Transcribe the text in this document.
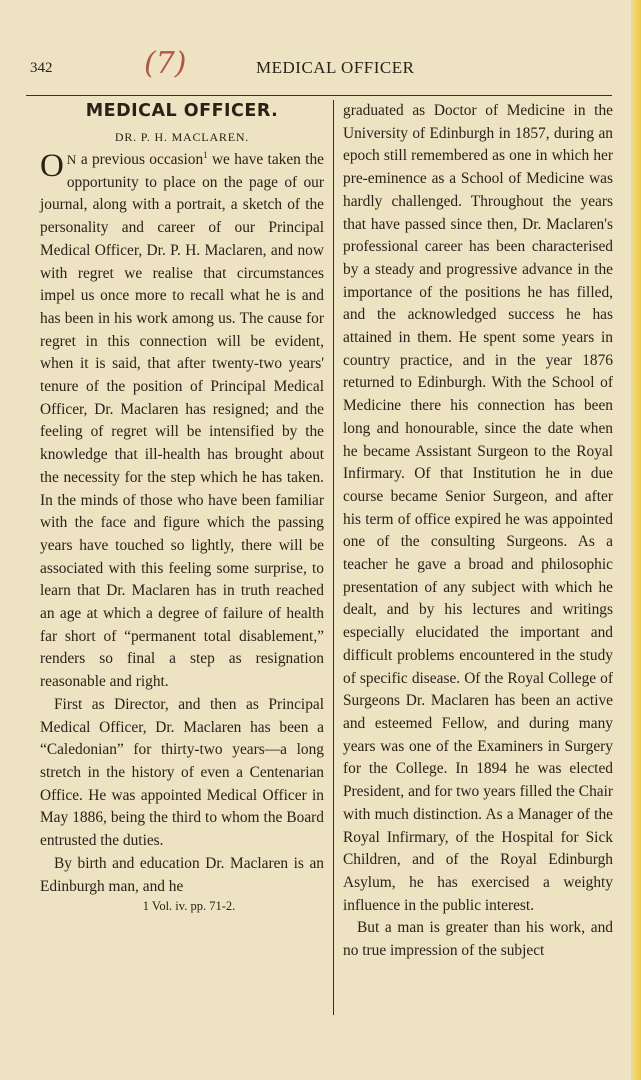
342	(7)	MEDICAL OFFICER
MEDICAL OFFICER.
DR. P. H. MACLAREN.

O N a previous occasion$^1$ we have taken the opportunity to place on the page of our journal, along with a portrait, a sketch of the personality and career of our Principal Medical Officer, Dr. P. H. Maclaren, and now with regret we realise that circumstances impel us once more to recall what he is and has been in his work among us. The cause for regret in this connection will be evident, when it is said, that after twenty-two years' tenure of the position of Principal Medical Officer, Dr. Maclaren has resigned; and the feeling of regret will be intensified by the knowledge that ill-health has brought about the necessity for the step which he has taken. In the minds of those who have been familiar with the face and figure which the passing years have touched so lightly, there will be associated with this feeling some surprise, to learn that Dr. Maclaren has in truth reached an age at which a degree of failure of health far short of “permanent total disablement,” renders so final a step as resignation reasonable and right.

First as Director, and then as Principal Medical Officer, Dr. Maclaren has been a “Caledonian” for thirty-two years—a long stretch in the history of even a Centenarian Office. He was appointed Medical Officer in May 1886, being the third to whom the Board entrusted the duties.

By birth and education Dr. Maclaren is an Edinburgh man, and he

1 Vol. iv. pp. 71-2.

graduated as Doctor of Medicine in the University of Edinburgh in 1857, during an epoch still remembered as one in which her pre-eminence as a School of Medicine was hardly challenged. Throughout the years that have passed since then, Dr. Maclaren's professional career has been characterised by a steady and progressive advance in the importance of the positions he has filled, and the acknowledged success he has attained in them. He spent some years in country practice, and in the year 1876 returned to Edinburgh. With the School of Medicine there his connection has been long and honourable, since the date when he became Assistant Surgeon to the Royal Infirmary. Of that Institution he in due course became Senior Surgeon, and after his term of office expired he was appointed one of the consulting Surgeons. As a teacher he gave a broad and philosophic presentation of any subject with which he dealt, and by his lectures and writings especially elucidated the important and difficult problems encountered in the study of specific disease. Of the Royal College of Surgeons Dr. Maclaren has been an active and esteemed Fellow, and during many years was one of the Examiners in Surgery for the College. In 1894 he was elected President, and for two years filled the Chair with much distinction. As a Manager of the Royal Infirmary, of the Hospital for Sick Children, and of the Royal Edinburgh Asylum, he has exercised a weighty influence in the public interest.

But a man is greater than his work, and no true impression of the subject
